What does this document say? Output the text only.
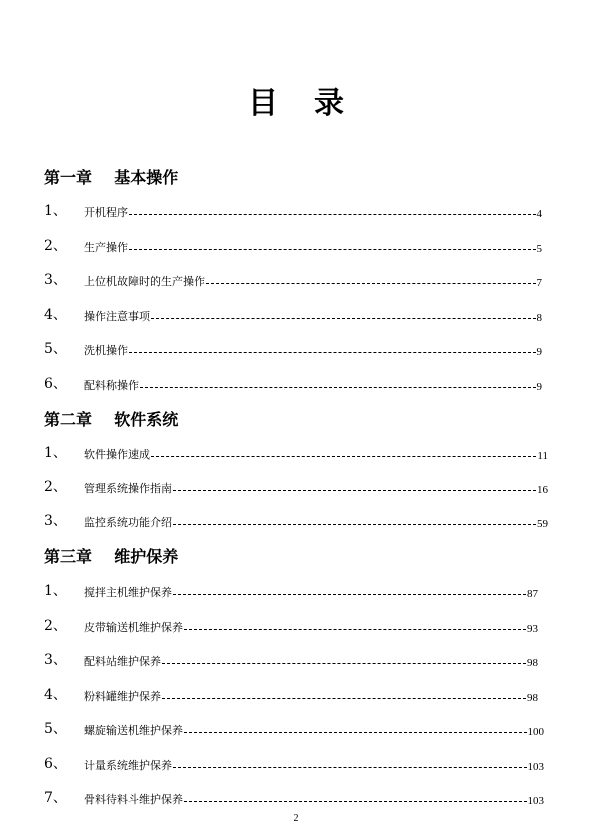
目录
第一章    基本操作
1、	开机程序	4
2、	生产操作	5
3、	上位机故障时的生产操作	7
4、	操作注意事项	8
5、	洗机操作	9
6、	配料称操作	9
第二章    软件系统
1、	软件操作速成	11
2、	管理系统操作指南	16
3、	监控系统功能介绍	59
第三章    维护保养
1、	搅拌主机维护保养	87
2、	皮带输送机维护保养	93
3、	配料站维护保养	98
4、	粉料罐维护保养	98
5、	螺旋输送机维护保养	100
6、	计量系统维护保养	103
7、	骨料待料斗维护保养	103
2
